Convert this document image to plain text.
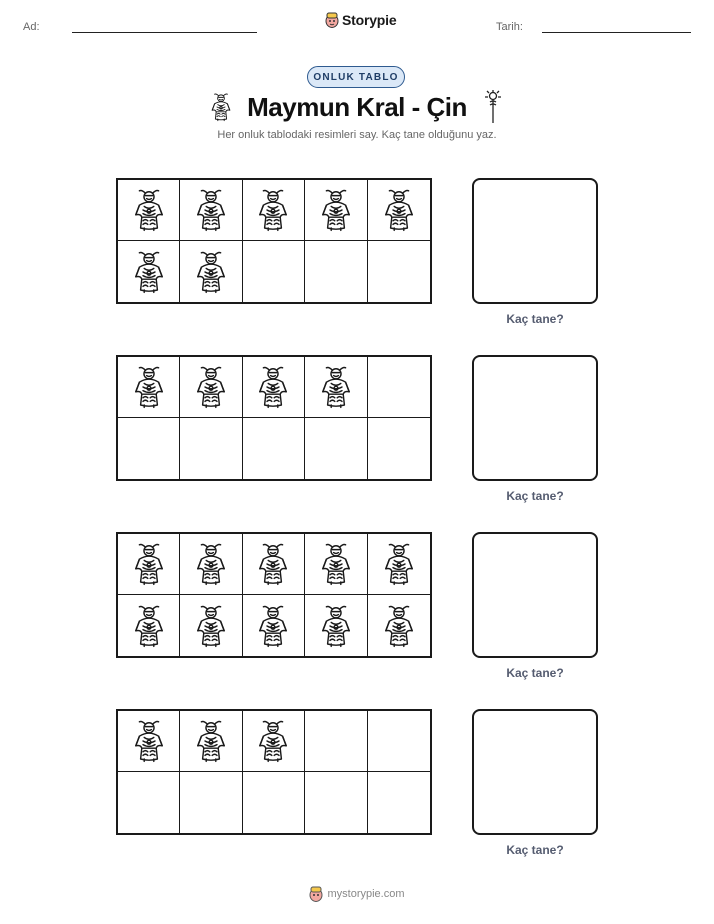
Ad:	Storypie	Tarih:
ONLUK TABLO
Maymun Kral - Çin
Her onluk tablodaki resimleri say. Kaç tane olduğunu yaz.
Kaç tane?
Kaç tane?
Kaç tane?
Kaç tane?
mystorypie.com
